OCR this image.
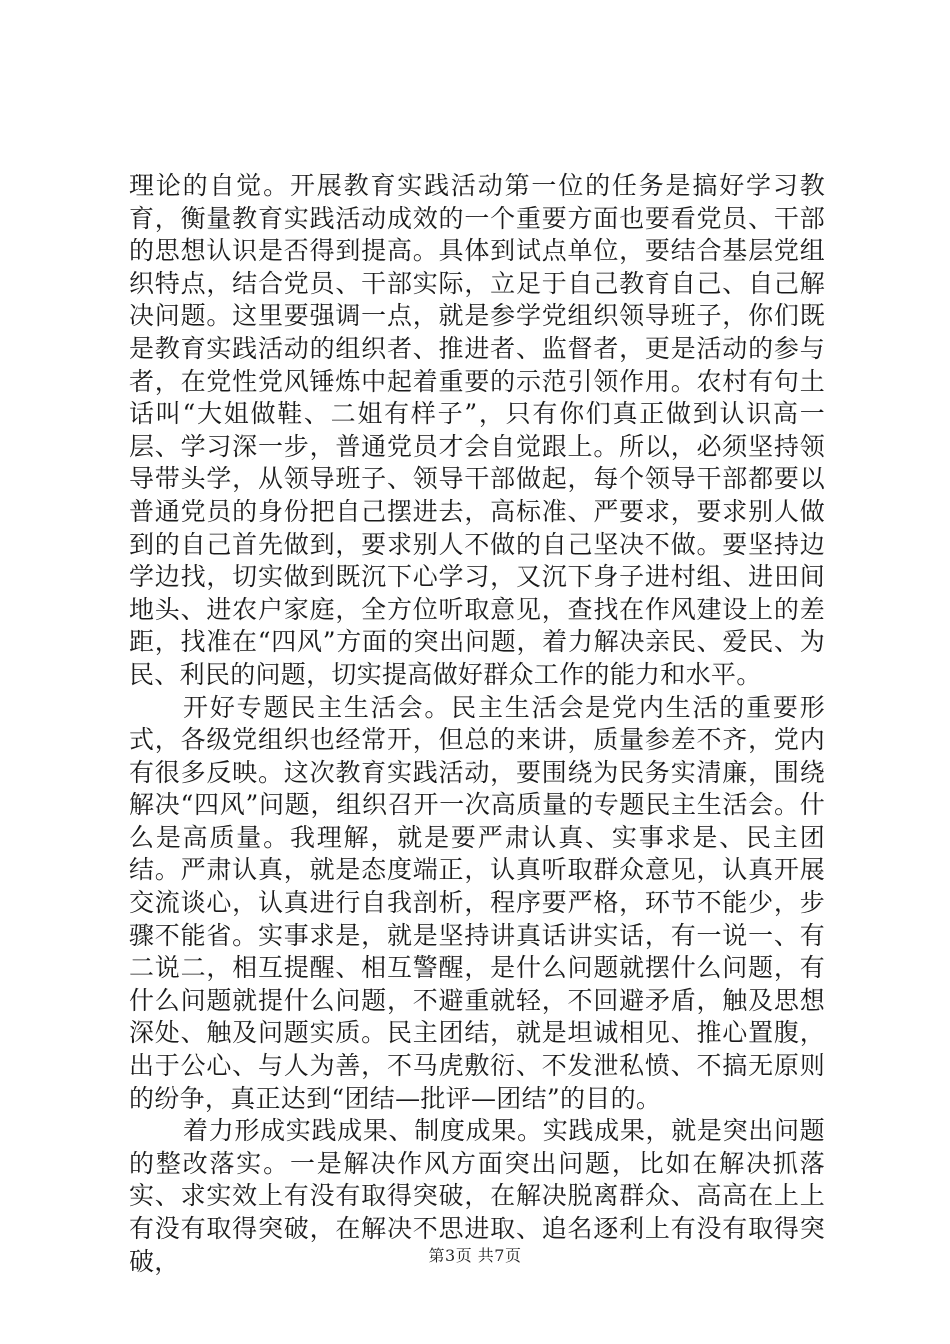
理论的自觉。开展教育实践活动第一位的任务是搞好学习教育，衡量教育实践活动成效的一个重要方面也要看党员、干部的思想认识是否得到提高。具体到试点单位，要结合基层党组织特点，结合党员、干部实际，立足于自己教育自己、自己解决问题。这里要强调一点，就是参学党组织领导班子，你们既是教育实践活动的组织者、推进者、监督者，更是活动的参与者，在党性党风锤炼中起着重要的示范引领作用。农村有句土话叫“大姐做鞋、二姐有样子”，只有你们真正做到认识高一层、学习深一步，普通党员才会自觉跟上。所以，必须坚持领导带头学，从领导班子、领导干部做起，每个领导干部都要以普通党员的身份把自己摆进去，高标准、严要求，要求别人做到的自己首先做到，要求别人不做的自己坚决不做。要坚持边学边找，切实做到既沉下心学习，又沉下身子进村组、进田间地头、进农户家庭，全方位听取意见，查找在作风建设上的差距，找准在“四风”方面的突出问题，着力解决亲民、爱民、为民、利民的问题，切实提高做好群众工作的能力和水平。

开好专题民主生活会。民主生活会是党内生活的重要形式，各级党组织也经常开，但总的来讲，质量参差不齐，党内有很多反映。这次教育实践活动，要围绕为民务实清廉，围绕解决“四风”问题，组织召开一次高质量的专题民主生活会。什么是高质量。我理解，就是要严肃认真、实事求是、民主团结。严肃认真，就是态度端正，认真听取群众意见，认真开展交流谈心，认真进行自我剖析，程序要严格，环节不能少，步骤不能省。实事求是，就是坚持讲真话讲实话，有一说一、有二说二，相互提醒、相互警醒，是什么问题就摆什么问题，有什么问题就提什么问题，不避重就轻，不回避矛盾，触及思想深处、触及问题实质。民主团结，就是坦诚相见、推心置腹，出于公心、与人为善，不马虎敷衍、不发泄私愤、不搞无原则的纷争，真正达到“团结—批评—团结”的目的。

着力形成实践成果、制度成果。实践成果，就是突出问题的整改落实。一是解决作风方面突出问题，比如在解决抓落实、求实效上有没有取得突破，在解决脱离群众、高高在上上有没有取得突破，在解决不思进取、追名逐利上有没有取得突破，	第3页 共7页
